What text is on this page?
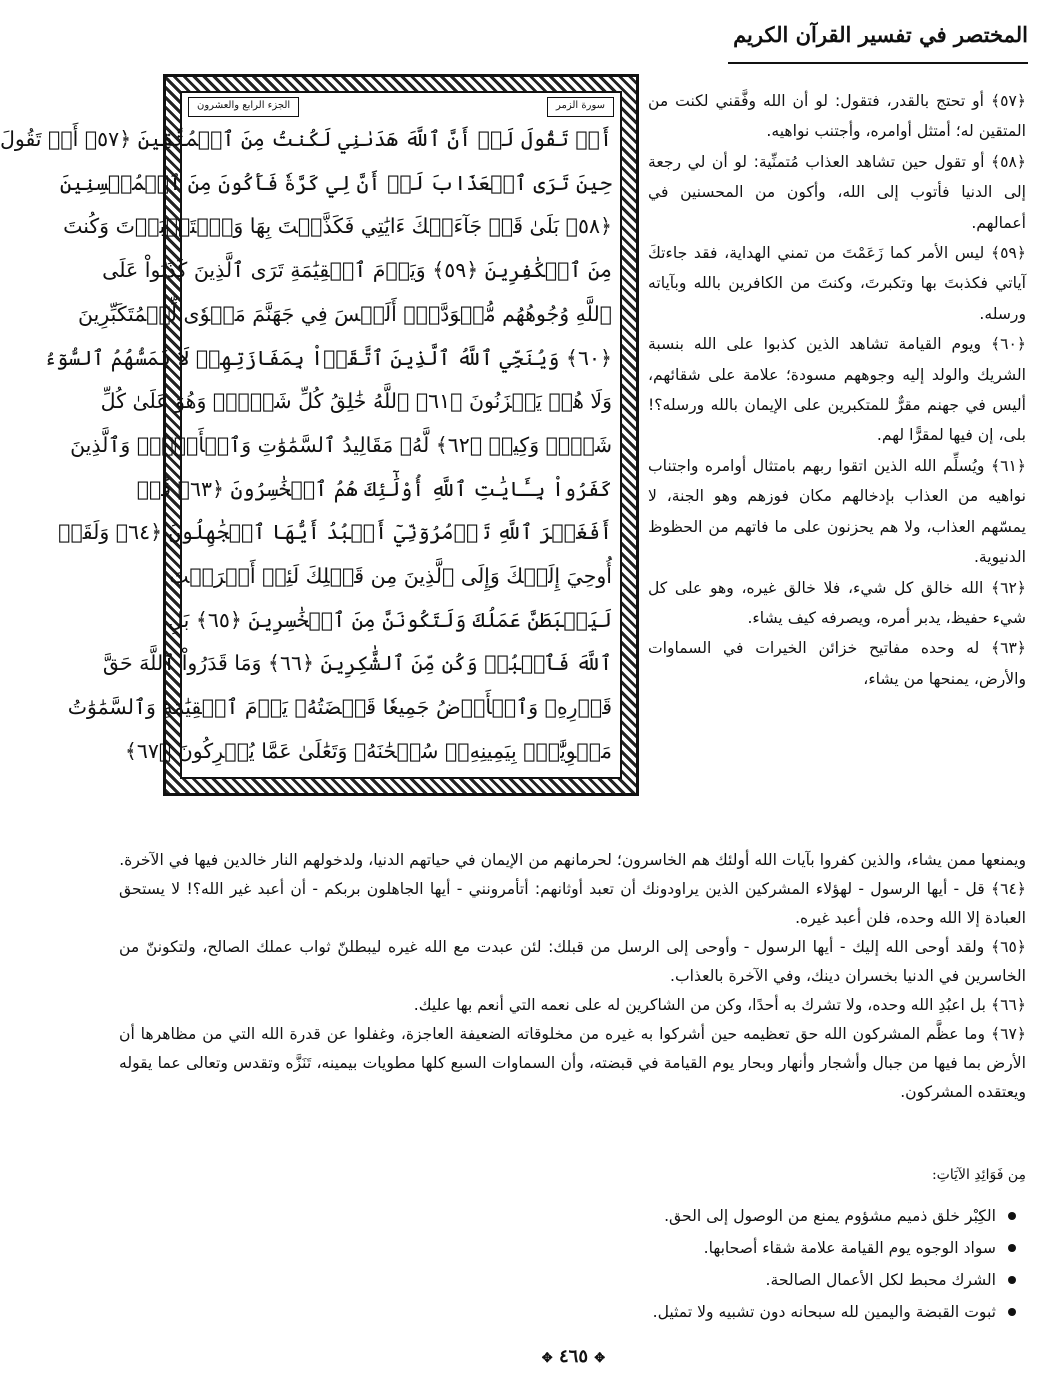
المختصر في تفسير القرآن الكريم
الجزء الرابع والعشرون	سورة الزمر
أَوۡ تَقُولَ لَوۡ أَنَّ ٱللَّهَ هَدَىٰنِي لَكُنتُ مِنَ ٱلۡمُتَّقِينَ ﴿٥٧﴾ أَوۡ تَقُولَ
حِينَ تَرَى ٱلۡعَذَابَ لَوۡ أَنَّ لِي كَرَّةٗ فَأَكُونَ مِنَ ٱلۡمُحۡسِنِينَ
﴿٥٨﴾ بَلَىٰ قَدۡ جَآءَتۡكَ ءَايَٰتِي فَكَذَّبۡتَ بِهَا وَٱسۡتَكۡبَرۡتَ وَكُنتَ
مِنَ ٱلۡكَٰفِرِينَ ﴿٥٩﴾ وَيَوۡمَ ٱلۡقِيَٰمَةِ تَرَى ٱلَّذِينَ كَذَبُواْ عَلَى
ٱللَّهِ وُجُوهُهُم مُّسۡوَدَّةٌۚ أَلَيۡسَ فِي جَهَنَّمَ مَثۡوٗى لِّلۡمُتَكَبِّرِينَ
﴿٦٠﴾ وَيُنَجِّي ٱللَّهُ ٱلَّذِينَ ٱتَّقَوۡاْ بِمَفَازَتِهِمۡ لَا يَمَسُّهُمُ ٱلسُّوٓءُ
وَلَا هُمۡ يَحۡزَنُونَ ﴿٦١﴾ ٱللَّهُ خَٰلِقُ كُلِّ شَيۡءٖۖ وَهُوَ عَلَىٰ كُلِّ
شَيۡءٖ وَكِيلٞ ﴿٦٢﴾ لَّهُۥ مَقَالِيدُ ٱلسَّمَٰوَٰتِ وَٱلۡأَرۡضِۗ وَٱلَّذِينَ
كَفَرُواْ بِـَٔايَٰتِ ٱللَّهِ أُوْلَٰٓئِكَ هُمُ ٱلۡخَٰسِرُونَ ﴿٦٣﴾ قُلۡ
أَفَغَيۡرَ ٱللَّهِ تَأۡمُرُوٓنِّيٓ أَعۡبُدُ أَيُّهَا ٱلۡجَٰهِلُونَ ﴿٦٤﴾ وَلَقَدۡ
أُوحِيَ إِلَيۡكَ وَإِلَى ٱلَّذِينَ مِن قَبۡلِكَ لَئِنۡ أَشۡرَكۡتَ
لَيَحۡبَطَنَّ عَمَلُكَ وَلَتَكُونَنَّ مِنَ ٱلۡخَٰسِرِينَ ﴿٦٥﴾ بَلِ
ٱللَّهَ فَٱعۡبُدۡ وَكُن مِّنَ ٱلشَّٰكِرِينَ ﴿٦٦﴾ وَمَا قَدَرُواْ ٱللَّهَ حَقَّ
قَدۡرِهِۦ وَٱلۡأَرۡضُ جَمِيعٗا قَبۡضَتُهُۥ يَوۡمَ ٱلۡقِيَٰمَةِ وَٱلسَّمَٰوَٰتُ
مَطۡوِيَّٰتُۢ بِيَمِينِهِۦۚ سُبۡحَٰنَهُۥ وَتَعَٰلَىٰ عَمَّا يُشۡرِكُونَ ﴿٦٧﴾

﴿٥٧﴾ أو تحتج بالقدر، فتقول: لو أن الله وفَّقني لكنت من المتقين له؛ أمتثل أوامره، وأجتنب نواهيه.

﴿٥٨﴾ أو تقول حين تشاهد العذاب مُتمنِّية: لو أن لي رجعة إلى الدنيا فأتوب إلى الله، وأكون من المحسنين في أعمالهم.

﴿٥٩﴾ ليس الأمر كما زَعَمْتَ من تمني الهداية، فقد جاءتكَ آياتي فكذبتَ بها وتكبرتَ، وكنتَ من الكافرين بالله وبآياته ورسله.

﴿٦٠﴾ ويوم القيامة تشاهد الذين كذبوا على الله بنسبة الشريك والولد إليه وجوههم مسودة؛ علامة على شقائهم، أليس في جهنم مقرٌّ للمتكبرين على الإيمان بالله ورسله؟! بلى، إن فيها لمقرًّا لهم.

﴿٦١﴾ ويُسلِّم الله الذين اتقوا ربهم بامتثال أوامره واجتناب نواهيه من العذاب بإدخالهم مكان فوزهم وهو الجنة، لا يمسّهم العذاب، ولا هم يحزنون على ما فاتهم من الحظوظ الدنيوية.

﴿٦٢﴾ الله خالق كل شيء، فلا خالق غيره، وهو على كل شيء حفيظ، يدبر أمره، ويصرفه كيف يشاء.

﴿٦٣﴾ له وحده مفاتيح خزائن الخيرات في السماوات والأرض، يمنحها من يشاء،

ويمنعها ممن يشاء، والذين كفروا بآيات الله أولئك هم الخاسرون؛ لحرمانهم من الإيمان في حياتهم الدنيا، ولدخولهم النار خالدين فيها في الآخرة.

﴿٦٤﴾ قل - أيها الرسول - لهؤلاء المشركين الذين يراودونك أن تعبد أوثانهم: أتأمرونني - أيها الجاهلون بربكم - أن أعبد غير الله؟! لا يستحق العبادة إلا الله وحده، فلن أعبد غيره.

﴿٦٥﴾ ولقد أوحى الله إليك - أيها الرسول - وأوحى إلى الرسل من قبلك: لئن عبدت مع الله غيره ليبطلنّ ثواب عملك الصالح، ولتكوننّ من الخاسرين في الدنيا بخسران دينك، وفي الآخرة بالعذاب.

﴿٦٦﴾ بل اعبُدِ الله وحده، ولا تشرك به أحدًا، وكن من الشاكرين له على نعمه التي أنعم بها عليك.

﴿٦٧﴾ وما عظَّم المشركون الله حق تعظيمه حين أشركوا به غيره من مخلوقاته الضعيفة العاجزة، وغفلوا عن قدرة الله التي من مظاهرها أن الأرض بما فيها من جبال وأشجار وأنهار وبحار يوم القيامة في قبضته، وأن السماوات السبع كلها مطويات بيمينه، تَنَزَّه وتقدس وتعالى عما يقوله ويعتقده المشركون.

مِن فَوَائِدِ الآيَاتِ:
الكِبْر خلق ذميم مشؤوم يمنع من الوصول إلى الحق.
سواد الوجوه يوم القيامة علامة شقاء أصحابها.
الشرك محبط لكل الأعمال الصالحة.
ثبوت القبضة واليمين لله سبحانه دون تشبيه ولا تمثيل.
✥ ٤٦٥ ✥
